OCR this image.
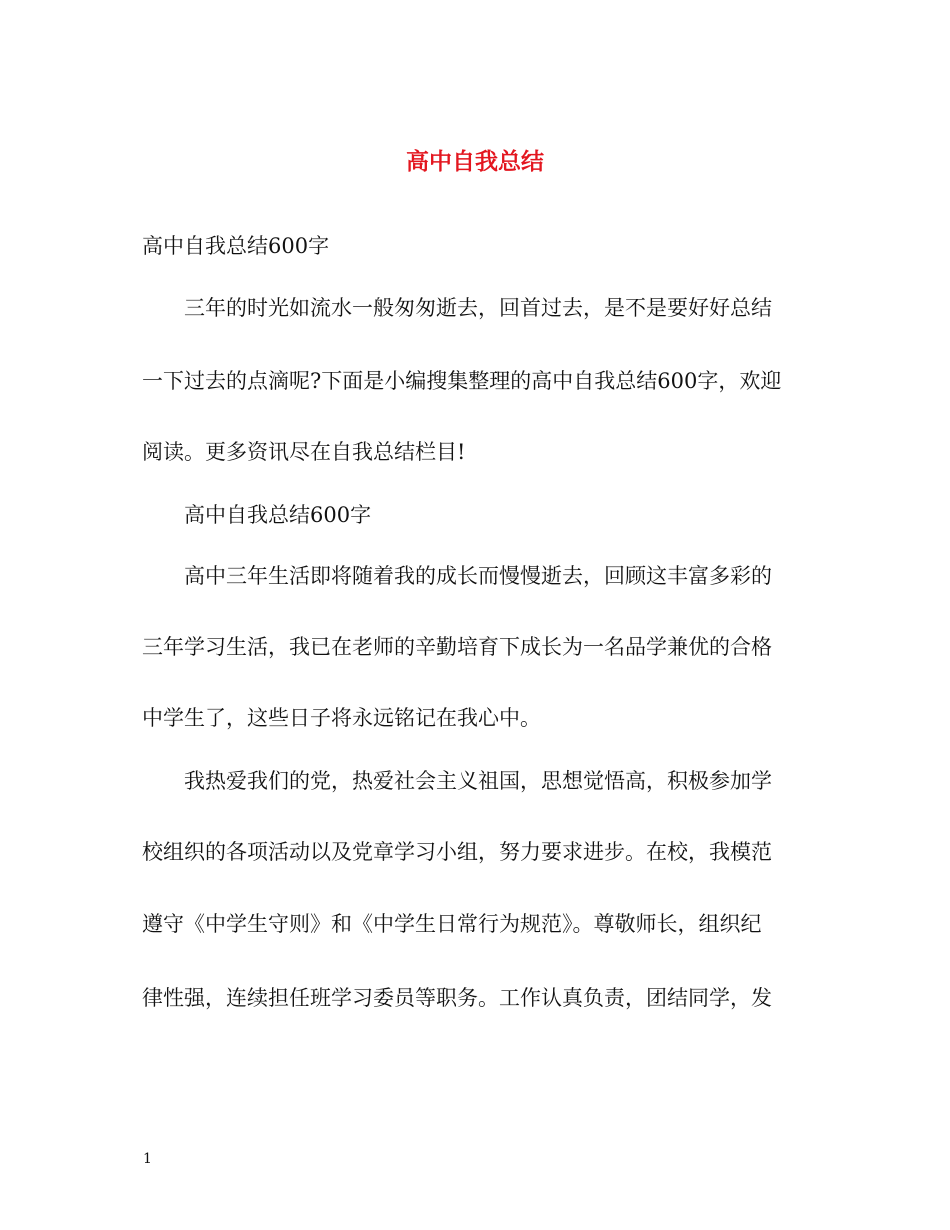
高中自我总结

高中自我总结600字

三年的时光如流水一般匆匆逝去，回首过去，是不是要好好总结

一下过去的点滴呢?下面是小编搜集整理的高中自我总结600字，欢迎

阅读。更多资讯尽在自我总结栏目!

高中自我总结600字

高中三年生活即将随着我的成长而慢慢逝去，回顾这丰富多彩的

三年学习生活，我已在老师的辛勤培育下成长为一名品学兼优的合格

中学生了，这些日子将永远铭记在我心中。

我热爱我们的党，热爱社会主义祖国，思想觉悟高，积极参加学

校组织的各项活动以及党章学习小组，努力要求进步。在校，我模范

遵守《中学生守则》和《中学生日常行为规范》。尊敬师长，组织纪

律性强，连续担任班学习委员等职务。工作认真负责，团结同学，发

1
